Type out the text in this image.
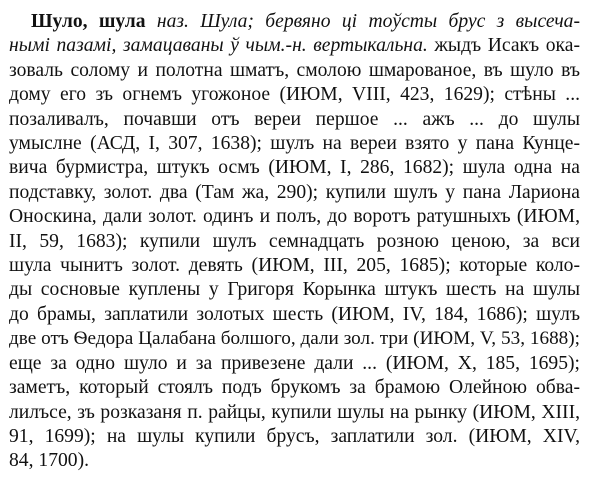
Шуло, шула наз. Шула; бервяно ці тоўсты брус з высеча-
нымі пазамі, замацаваны ў чым.-н. вертыкальна. жыдъ Исакъ ока-
зоваль солому и полотна шматъ, смолою шмарованое, въ шуло въ
дому его зъ огнемъ угожоное (ИЮМ, VIII, 423, 1629); стѣны ...
позаливалъ, почавши отъ вереи першое ... ажъ ... до шулы
умыслне (АСД, I, 307, 1638); шулъ на вереи взято у пана Кунце-
вича бурмистра, штукъ осмъ (ИЮМ, I, 286, 1682); шула одна на
подставку, золот. два (Там жа, 290); купили шулъ у пана Лариона
Оноскина, дали золот. одинъ и полъ, до воротъ ратушныхъ (ИЮМ,
II, 59, 1683); купили шулъ семнадцать розною ценою, за вси
шула чынитъ золот. девять (ИЮМ, III, 205, 1685); которые коло-
ды сосновые куплены у Григоря Корынка штукъ шесть на шулы
до брамы, заплатили золотых шесть (ИЮМ, IV, 184, 1686); шулъ
две отъ Ѳедора Цалабана болшого, дали зол. три (ИЮМ, V, 53, 1688);
еще за одно шуло и за привезене дали ... (ИЮМ, X, 185, 1695);
заметъ, который стоялъ подъ брукомъ за брамою Олейною обва-
лилъсе, зъ розказаня п. райцы, купили шулы на рынку (ИЮМ, XIII,
91, 1699); на шулы купили брусъ, заплатили зол. (ИЮМ, XIV,
84, 1700).
